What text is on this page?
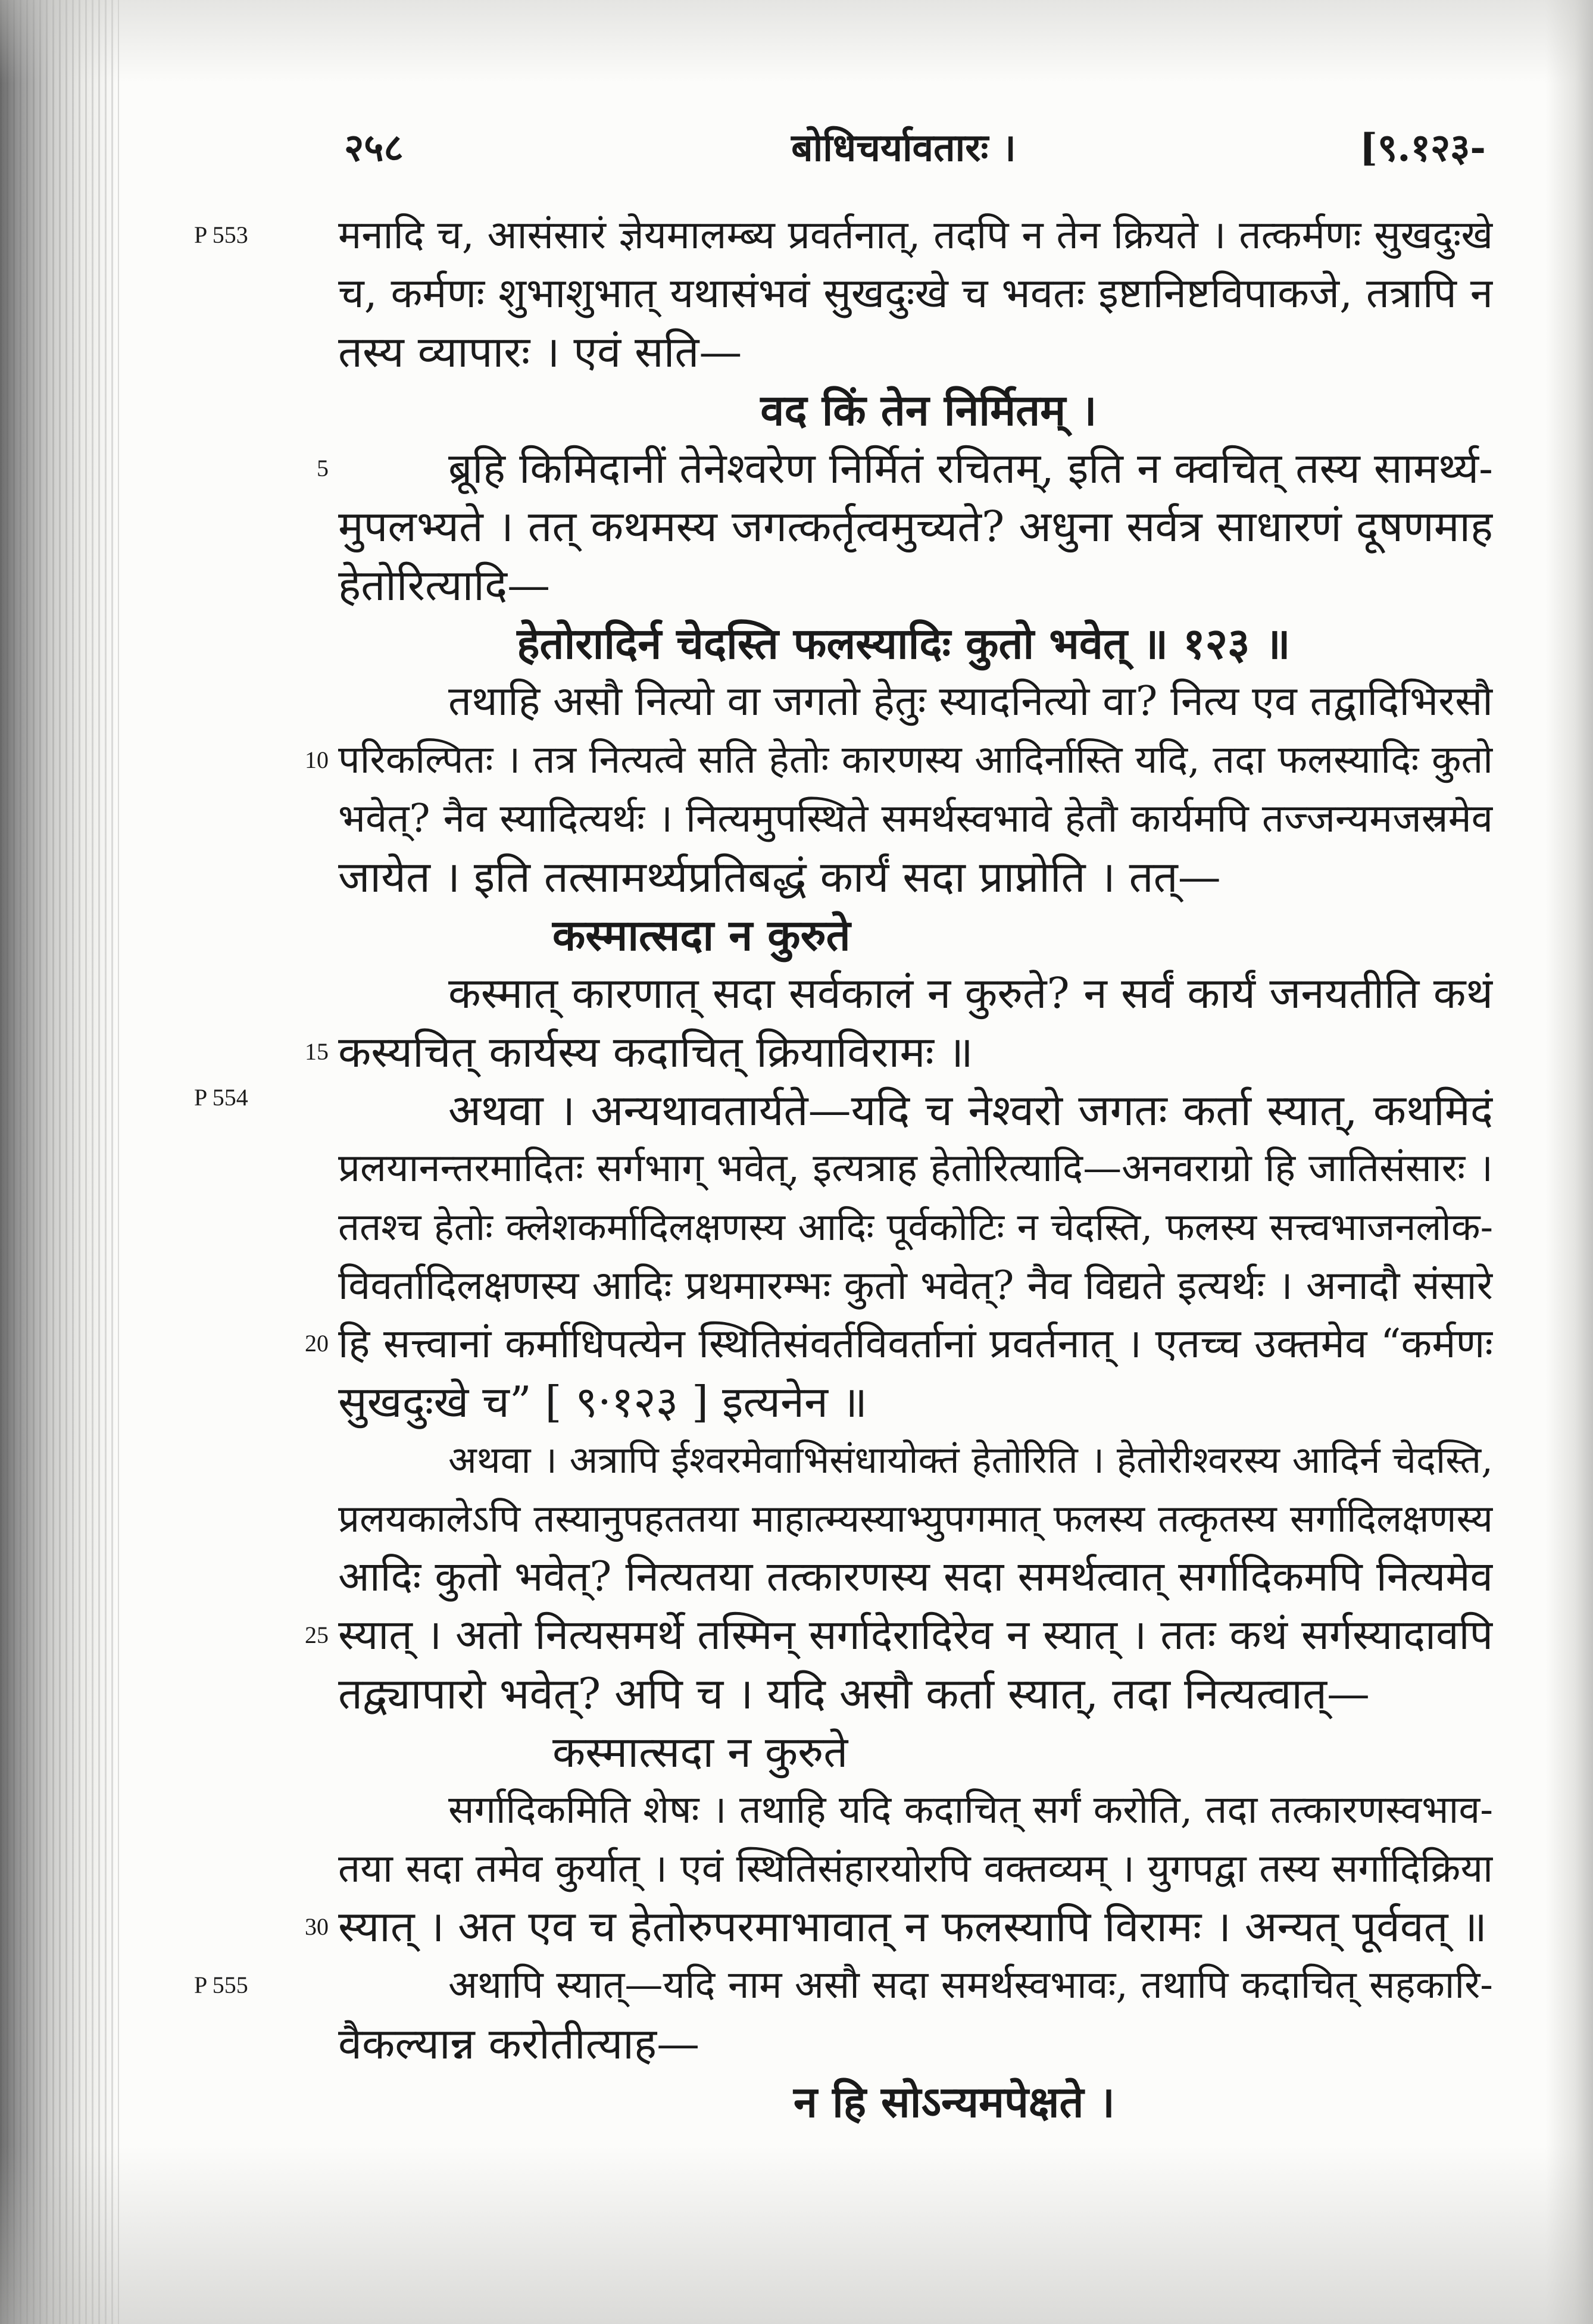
२५८	बोधिचर्यावतारः ।	[९.१२३-
P 553
P 554
P 555
5
10
15
20
25
30
मनादि च, आसंसारं ज्ञेयमालम्ब्य प्रवर्तनात्, तदपि न तेन क्रियते । तत्कर्मणः सुखदुःखे
च, कर्मणः शुभाशुभात् यथासंभवं सुखदुःखे च भवतः इष्टानिष्टविपाकजे, तत्रापि न
तस्य व्यापारः । एवं सति—
वद किं तेन निर्मितम् ।
ब्रूहि किमिदानीं तेनेश्वरेण निर्मितं रचितम्, इति न क्वचित् तस्य सामर्थ्य-
मुपलभ्यते । तत् कथमस्य जगत्कर्तृत्वमुच्यते? अधुना सर्वत्र साधारणं दूषणमाह
हेतोरित्यादि—
हेतोरादिर्न चेदस्ति फलस्यादिः कुतो भवेत् ॥ १२३ ॥
तथाहि असौ नित्यो वा जगतो हेतुः स्यादनित्यो वा? नित्य एव तद्वादिभिरसौ
परिकल्पितः । तत्र नित्यत्वे सति हेतोः कारणस्य आदिर्नास्ति यदि, तदा फलस्यादिः कुतो
भवेत्? नैव स्यादित्यर्थः । नित्यमुपस्थिते समर्थस्वभावे हेतौ कार्यमपि तज्जन्यमजस्रमेव
जायेत । इति तत्सामर्थ्यप्रतिबद्धं कार्यं सदा प्राप्नोति । तत्—
कस्मात्सदा न कुरुते
कस्मात् कारणात् सदा सर्वकालं न कुरुते? न सर्वं कार्यं जनयतीति कथं
कस्यचित् कार्यस्य कदाचित् क्रियाविरामः ॥
अथवा । अन्यथावतार्यते—यदि च नेश्वरो जगतः कर्ता स्यात्, कथमिदं
प्रलयानन्तरमादितः सर्गभाग् भवेत्, इत्यत्राह हेतोरित्यादि—अनवराग्रो हि जातिसंसारः ।
ततश्च हेतोः क्लेशकर्मादिलक्षणस्य आदिः पूर्वकोटिः न चेदस्ति, फलस्य सत्त्वभाजनलोक-
विवर्तादिलक्षणस्य आदिः प्रथमारम्भः कुतो भवेत्? नैव विद्यते इत्यर्थः । अनादौ संसारे
हि सत्त्वानां कर्माधिपत्येन स्थितिसंवर्तविवर्तानां प्रवर्तनात् । एतच्च उक्तमेव “कर्मणः
सुखदुःखे च” [ ९·१२३ ] इत्यनेन ॥
अथवा । अत्रापि ईश्वरमेवाभिसंधायोक्तं हेतोरिति । हेतोरीश्वरस्य आदिर्न चेदस्ति,
प्रलयकालेऽपि तस्यानुपहततया माहात्म्यस्याभ्युपगमात् फलस्य तत्कृतस्य सर्गादिलक्षणस्य
आदिः कुतो भवेत्? नित्यतया तत्कारणस्य सदा समर्थत्वात् सर्गादिकमपि नित्यमेव
स्यात् । अतो नित्यसमर्थे तस्मिन् सर्गादेरादिरेव न स्यात् । ततः कथं सर्गस्यादावपि
तद्व्यापारो भवेत्? अपि च । यदि असौ कर्ता स्यात्, तदा नित्यत्वात्—
कस्मात्सदा न कुरुते
सर्गादिकमिति शेषः । तथाहि यदि कदाचित् सर्गं करोति, तदा तत्कारणस्वभाव-
तया सदा तमेव कुर्यात् । एवं स्थितिसंहारयोरपि वक्तव्यम् । युगपद्वा तस्य सर्गादिक्रिया
स्यात् । अत एव च हेतोरुपरमाभावात् न फलस्यापि विरामः । अन्यत् पूर्ववत् ॥
अथापि स्यात्—यदि नाम असौ सदा समर्थस्वभावः, तथापि कदाचित् सहकारि-
वैकल्यान्न करोतीत्याह—
न हि सोऽन्यमपेक्षते ।
